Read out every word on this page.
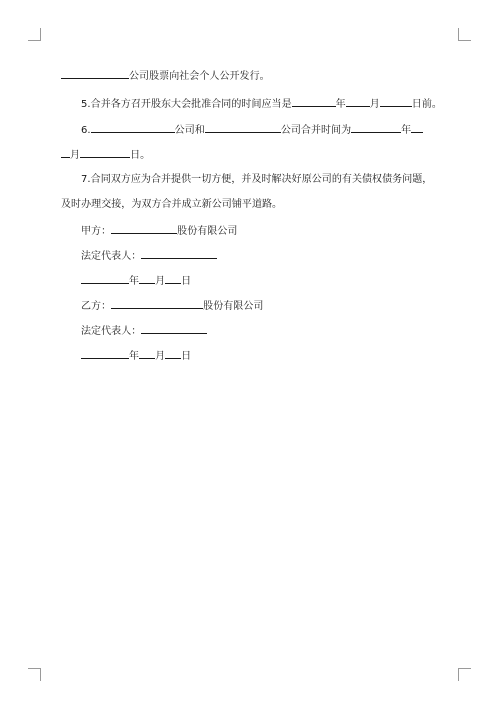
公司股票向社会个人公开发行。
5.合并各方召开股东大会批准合同的时间应当是	年 月	日前。
6.	公司和	公司合并时间为	年
月	日。
7.合同双方应为合并提供一切方便，并及时解决好原公司的有关债权债务问题，
及时办理交接，为双方合并成立新公司铺平道路。
甲方：	股份有限公司
法定代表人：
年 月 日
乙方：	股份有限公司
法定代表人：
年 月 日
